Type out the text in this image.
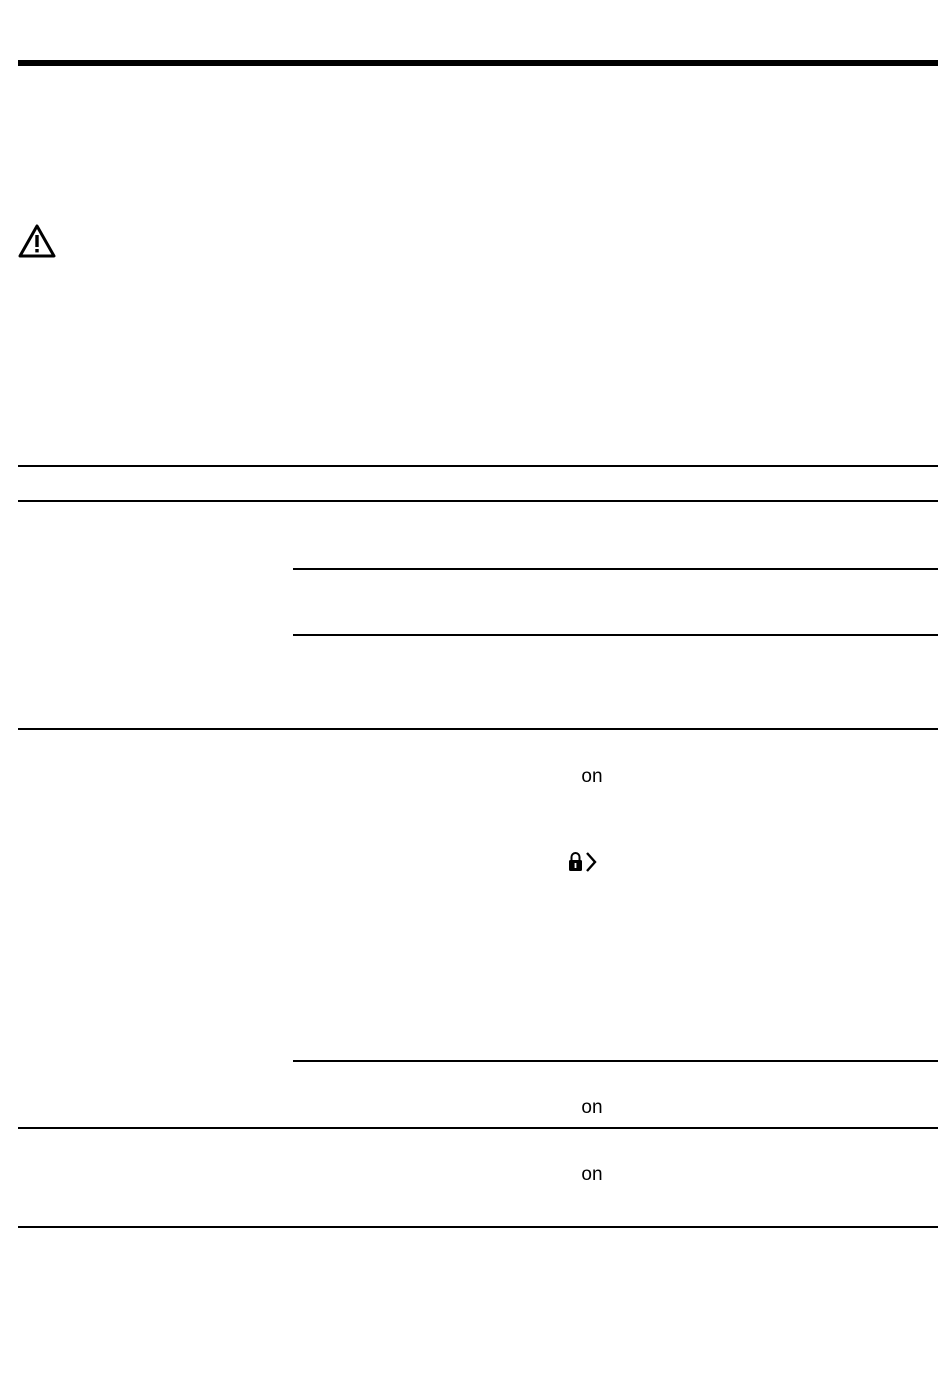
on
on
on
